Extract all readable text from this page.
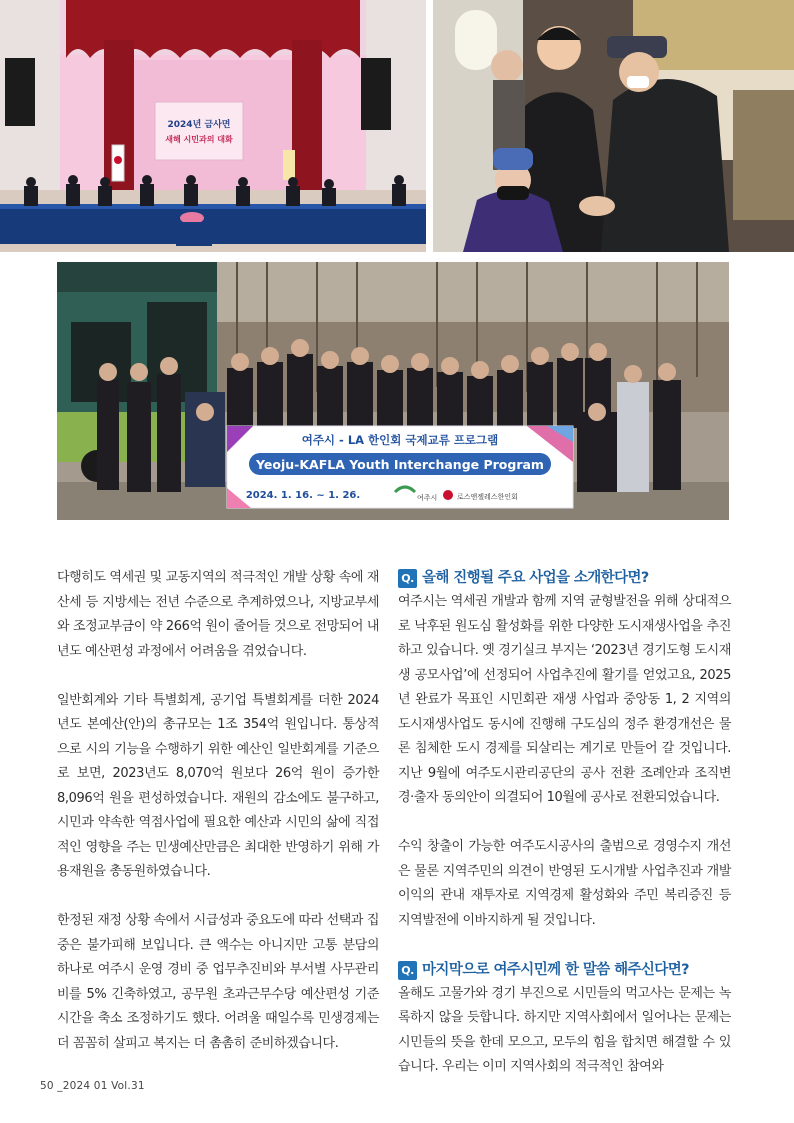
2024년 금사면
새해 시민과의 대화
여주시 - LA 한인회 국제교류 프로그램
Yeoju-KAFLA Youth Interchange Program
2024. 1. 16. ~ 1. 26.	여주시	로스앤젤레스한인회

다행히도 역세권 및 교동지역의 적극적인 개발 상황 속에 재산세 등 지방세는 전년 수준으로 추계하였으나, 지방교부세와 조정교부금이 약 266억 원이 줄어들 것으로 전망되어 내년도 예산편성 과정에서 어려움을 겪었습니다.

일반회계와 기타 특별회계, 공기업 특별회계를 더한 2024년도 본예산(안)의 총규모는 1조 354억 원입니다. 통상적으로 시의 기능을 수행하기 위한 예산인 일반회계를 기준으로 보면, 2023년도 8,070억 원보다 26억 원이 증가한 8,096억 원을 편성하였습니다. 재원의 감소에도 불구하고, 시민과 약속한 역점사업에 필요한 예산과 시민의 삶에 직접적인 영향을 주는 민생예산만큼은 최대한 반영하기 위해 가용재원을 총동원하였습니다.

한정된 재정 상황 속에서 시급성과 중요도에 따라 선택과 집중은 불가피해 보입니다. 큰 액수는 아니지만 고통 분담의 하나로 여주시 운영 경비 중 업무추진비와 부서별 사무관리비를 5% 긴축하였고, 공무원 초과근무수당 예산편성 기준시간을 축소 조정하기도 했다. 어려울 때일수록 민생경제는 더 꼼꼼히 살피고 복지는 더 촘촘히 준비하겠습니다.

Q. 올해 진행될 주요 사업을 소개한다면?

여주시는 역세권 개발과 함께 지역 균형발전을 위해 상대적으로 낙후된 원도심 활성화를 위한 다양한 도시재생사업을 추진하고 있습니다. 옛 경기실크 부지는 ‘2023년 경기도형 도시재생 공모사업’에 선정되어 사업추진에 활기를 얻었고요, 2025년 완료가 목표인 시민회관 재생 사업과 중앙동 1, 2 지역의 도시재생사업도 동시에 진행해 구도심의 정주 환경개선은 물론 침체한 도시 경제를 되살리는 계기로 만들어 갈 것입니다. 지난 9월에 여주도시관리공단의 공사 전환 조례안과 조직변경·출자 동의안이 의결되어 10월에 공사로 전환되었습니다.

수익 창출이 가능한 여주도시공사의 출범으로 경영수지 개선은 물론 지역주민의 의견이 반영된 도시개발 사업추진과 개발 이익의 관내 재투자로 지역경제 활성화와 주민 복리증진 등 지역발전에 이바지하게 될 것입니다.

Q. 마지막으로 여주시민께 한 말씀 해주신다면?

올해도 고물가와 경기 부진으로 시민들의 먹고사는 문제는 녹록하지 않을 듯합니다. 하지만 지역사회에서 일어나는 문제는 시민들의 뜻을 한데 모으고, 모두의 힘을 합치면 해결할 수 있습니다. 우리는 이미 지역사회의 적극적인 참여와

50 _2024 01 Vol.31
